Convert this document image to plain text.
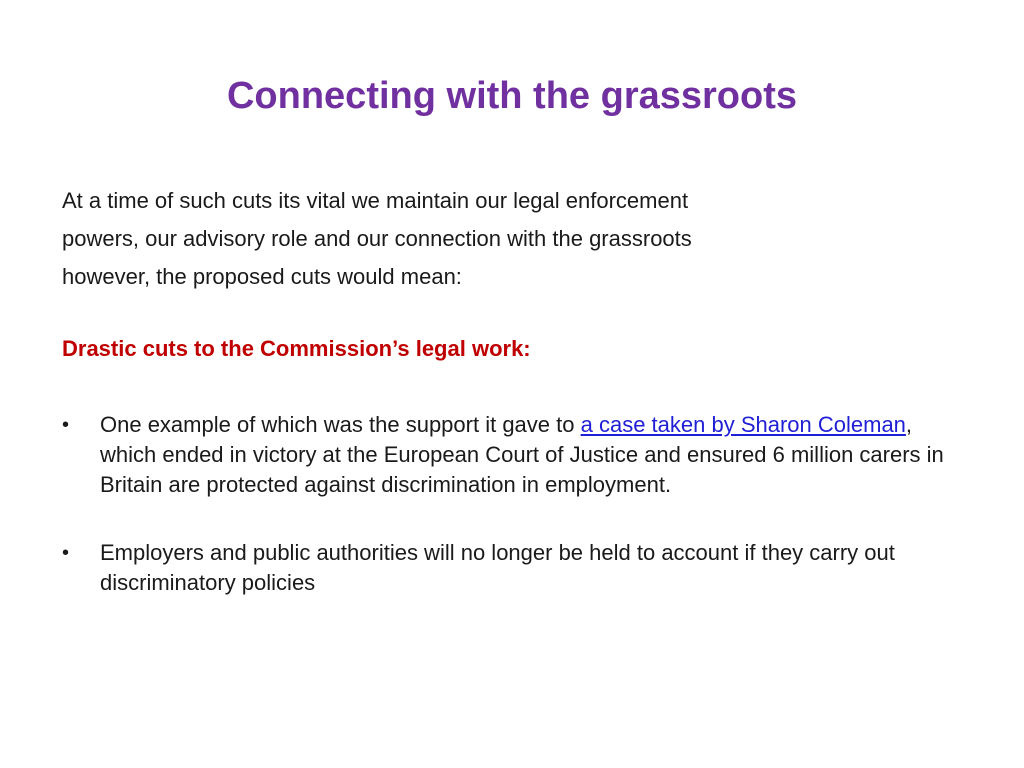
Connecting with the grassroots

At a time of such cuts its vital we maintain our legal enforcement
powers, our advisory role and our connection with the grassroots
however, the proposed cuts would mean:

Drastic cuts to the Commission’s legal work:

•	One example of which was the support it gave to a case taken by Sharon Coleman, which ended in victory at the European Court of Justice and ensured 6 million carers in Britain are protected against discrimination in employment.
•	Employers and public authorities will no longer be held to account if they carry out discriminatory policies
